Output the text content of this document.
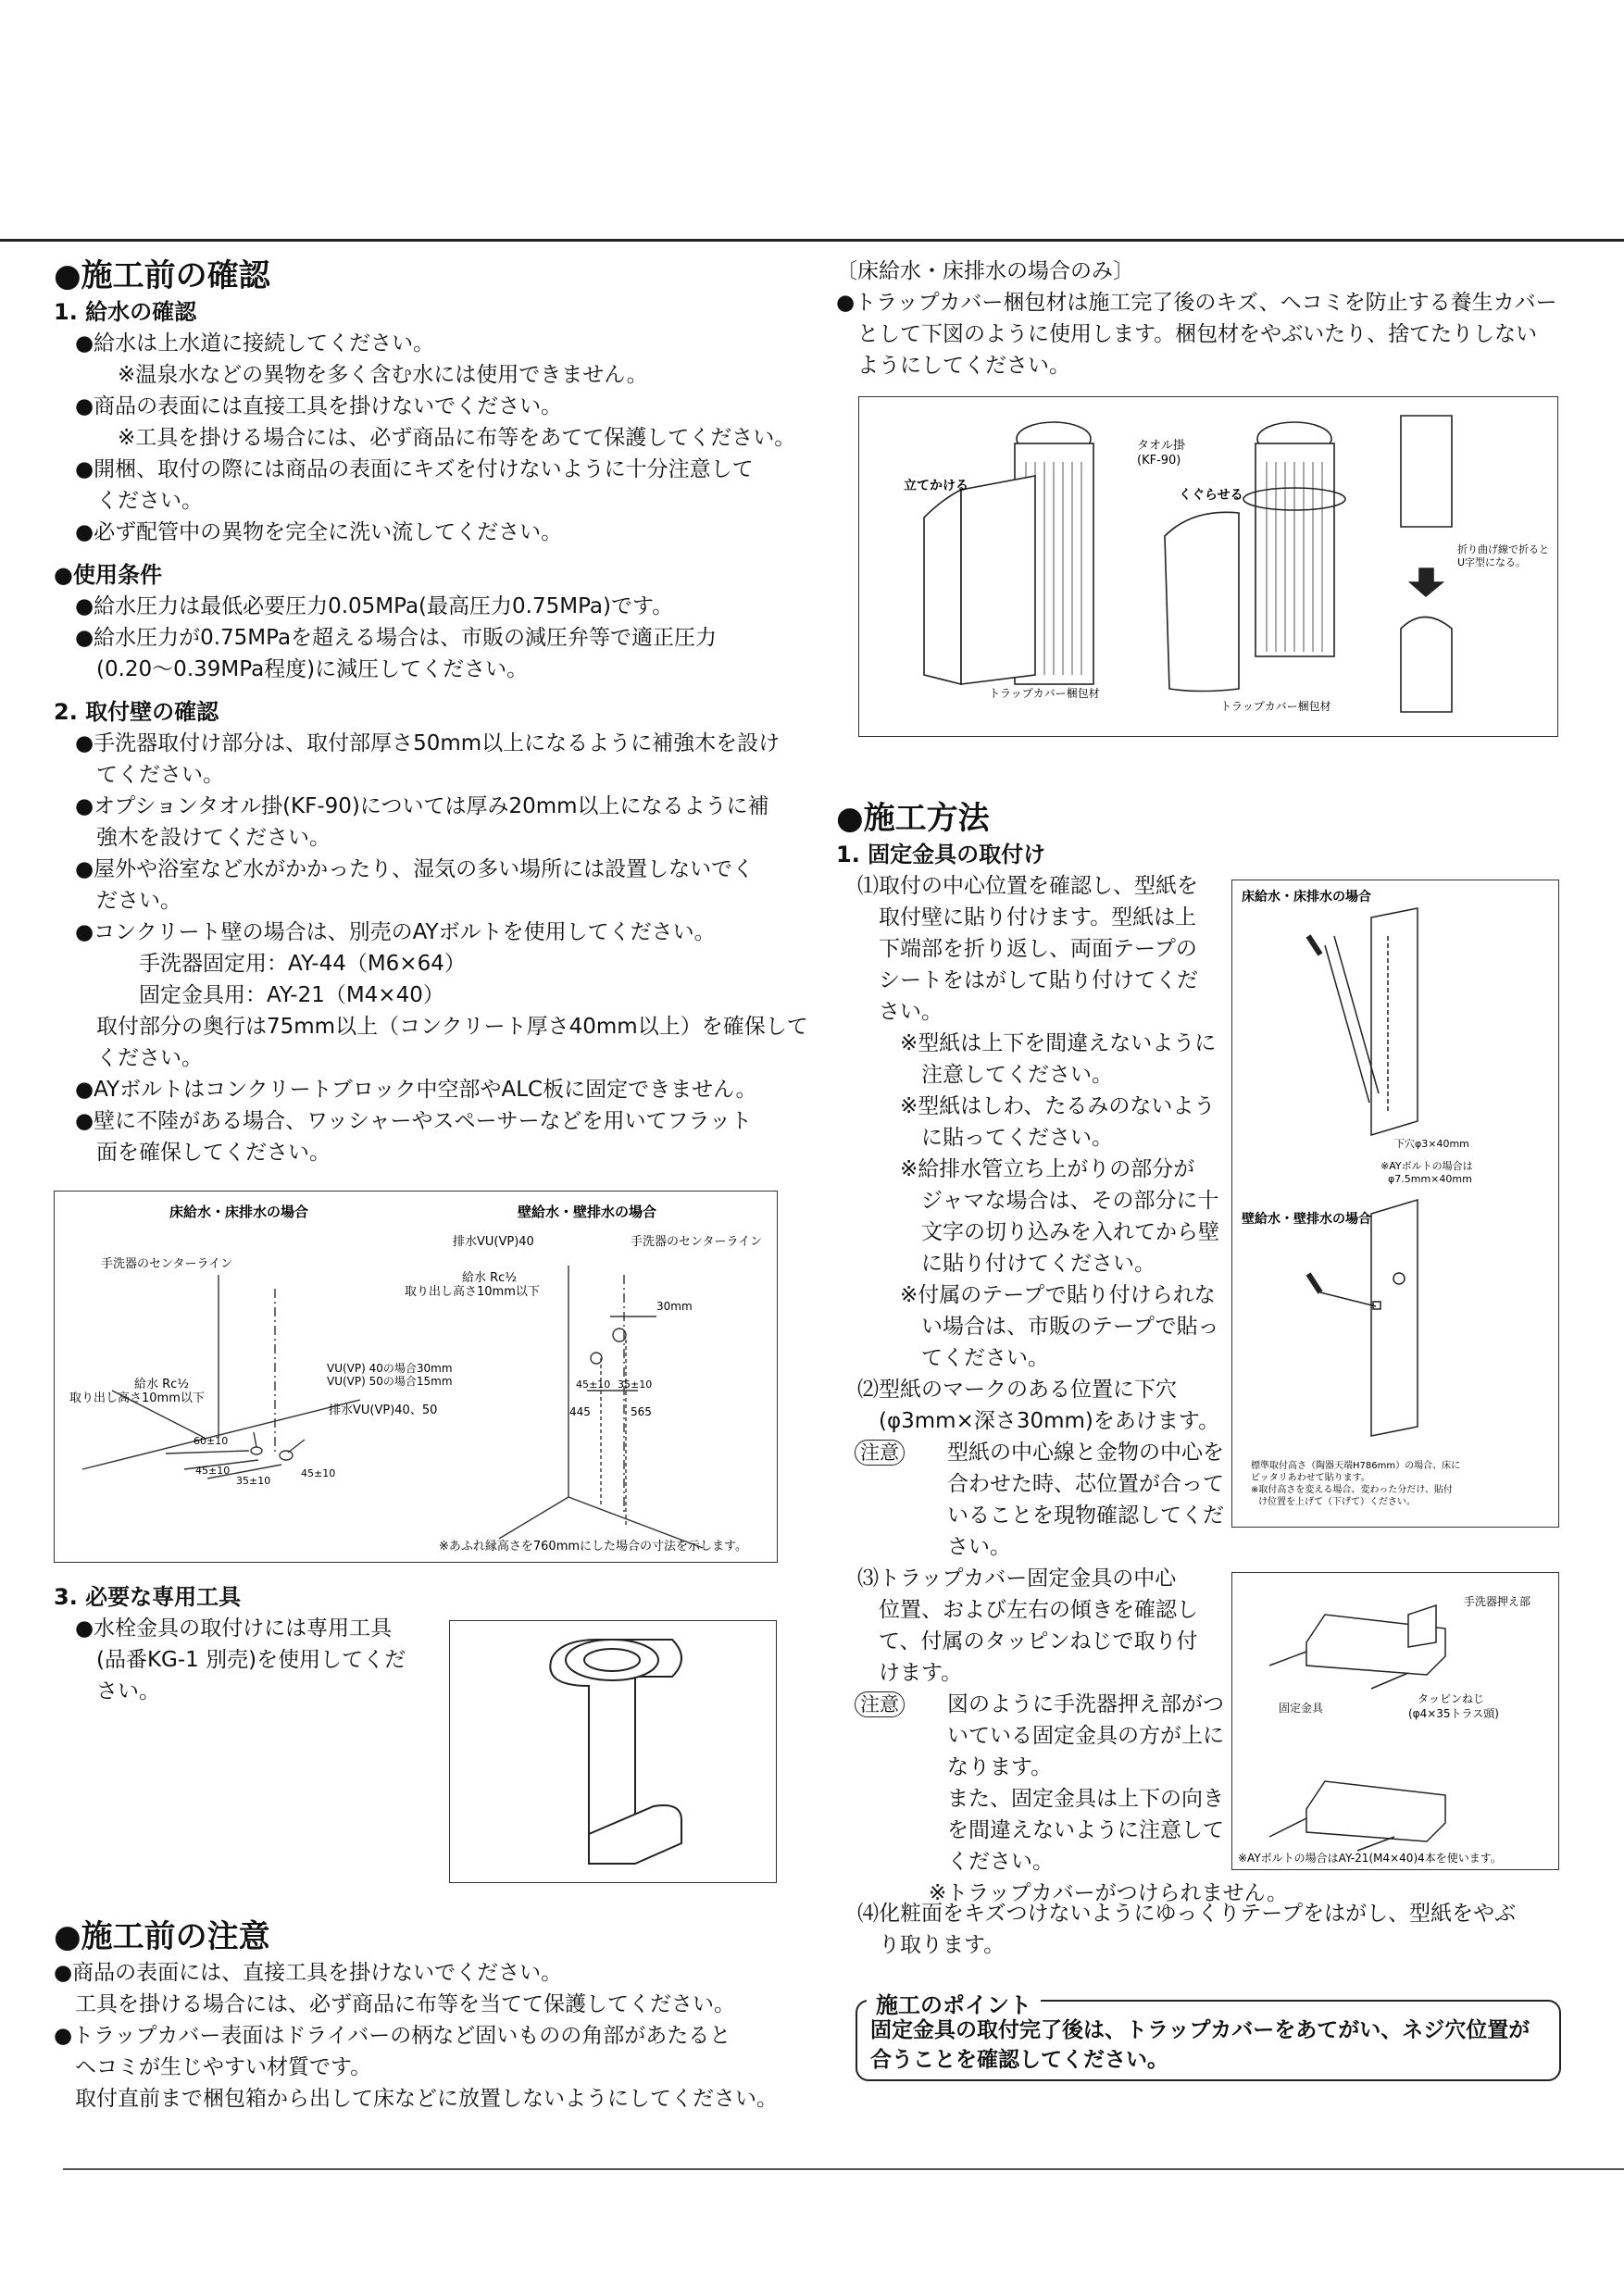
●施工前の確認
1. 給水の確認
　●給水は上水道に接続してください。
　　　※温泉水などの異物を多く含む水には使用できません。
　●商品の表面には直接工具を掛けないでください。
　　　※工具を掛ける場合には、必ず商品に布等をあてて保護してください。
　●開梱、取付の際には商品の表面にキズを付けないように十分注意して
　　ください。
　●必ず配管中の異物を完全に洗い流してください。
●使用条件
　●給水圧力は最低必要圧力0.05MPa(最高圧力0.75MPa)です。
　●給水圧力が0.75MPaを超える場合は、市販の減圧弁等で適正圧力
　　(0.20～0.39MPa程度)に減圧してください。
2. 取付壁の確認
　●手洗器取付け部分は、取付部厚さ50mm以上になるように補強木を設け
　　てください。
　●オプションタオル掛(KF-90)については厚み20mm以上になるように補
　　強木を設けてください。
　●屋外や浴室など水がかかったり、湿気の多い場所には設置しないでく
　　ださい。
　●コンクリート壁の場合は、別売のAYボルトを使用してください。
　　　　手洗器固定用：AY-44（M6×64）
　　　　固定金具用：AY-21（M4×40）
　　取付部分の奥行は75mm以上（コンクリート厚さ40mm以上）を確保して
　　ください。
　●AYボルトはコンクリートブロック中空部やALC板に固定できません。
　●壁に不陸がある場合、ワッシャーやスペーサーなどを用いてフラット
　　面を確保してください。
床給水・床排水の場合	壁給水・壁排水の場合
手洗器のセンターライン
給水 Rc½
取り出し高さ10mm以下
VU(VP) 40の場合30mm
VU(VP) 50の場合15mm
排水VU(VP)40、50
60±10
45±10
35±10
45±10
排水VU(VP)40	手洗器のセンターライン
給水 Rc½
取り出し高さ10mm以下
30mm
45±10 35±10
445	565
※あふれ縁高さを760mmにした場合の寸法を示します。
3. 必要な専用工具
　●水栓金具の取付けには専用工具
　　(品番KG-1 別売)を使用してくだ
　　さい。
●施工前の注意
●商品の表面には、直接工具を掛けないでください。
　工具を掛ける場合には、必ず商品に布等を当てて保護してください。
●トラップカバー表面はドライバーの柄など固いものの角部があたると
　ヘコミが生じやすい材質です。
　取付直前まで梱包箱から出して床などに放置しないようにしてください。
〔床給水・床排水の場合のみ〕
●トラップカバー梱包材は施工完了後のキズ、ヘコミを防止する養生カバー
　として下図のように使用します。梱包材をやぶいたり、捨てたりしない
　ようにしてください。
立てかける
タオル掛
(KF-90)
くぐらせる
折り曲げ線で折ると
U字型になる。
トラップカバー梱包材
トラップカバー梱包材
●施工方法
1. 固定金具の取付け
　⑴取付の中心位置を確認し、型紙を
　　取付壁に貼り付けます。型紙は上
　　下端部を折り返し、両面テープの
　　シートをはがして貼り付けてくだ
　　さい。
　　　※型紙は上下を間違えないように
　　　　注意してください。
　　　※型紙はしわ、たるみのないよう
　　　　に貼ってください。
　　　※給排水管立ち上がりの部分が
　　　　ジャマな場合は、その部分に十
　　　　文字の切り込みを入れてから壁
　　　　に貼り付けてください。
　　　※付属のテープで貼り付けられな
　　　　い場合は、市販のテープで貼っ
　　　　てください。
　⑵型紙のマークのある位置に下穴
　　(φ3mm×深さ30mm)をあけます。
注意 型紙の中心線と金物の中心を
合わせた時、芯位置が合って
いることを現物確認してくだ
さい。
　⑶トラップカバー固定金具の中心
　　位置、および左右の傾きを確認し
　　て、付属のタッピンねじで取り付
　　けます。
注意 図のように手洗器押え部がつ
いている固定金具の方が上に
なります。
また、固定金具は上下の向き
を間違えないように注意して
ください。
※トラップカバーがつけられません。
　⑷化粧面をキズつけないようにゆっくりテープをはがし、型紙をやぶ
　　り取ります。
床給水・床排水の場合
下穴φ3×40mm
※AYボルトの場合は
φ7.5mm×40mm
壁給水・壁排水の場合
標準取付高さ（陶器天端H786mm）の場合、床に
ピッタリあわせて貼ります。
※取付高さを変える場合、変わった分だけ、貼付
け位置を上げて（下げて）ください。
手洗器押え部
固定金具
タッピンねじ
(φ4×35トラス頭)
※AYボルトの場合はAY-21(M4×40)4本を使います。
施工のポイント
固定金具の取付完了後は、トラップカバーをあてがい、ネジ穴位置が
合うことを確認してください。
